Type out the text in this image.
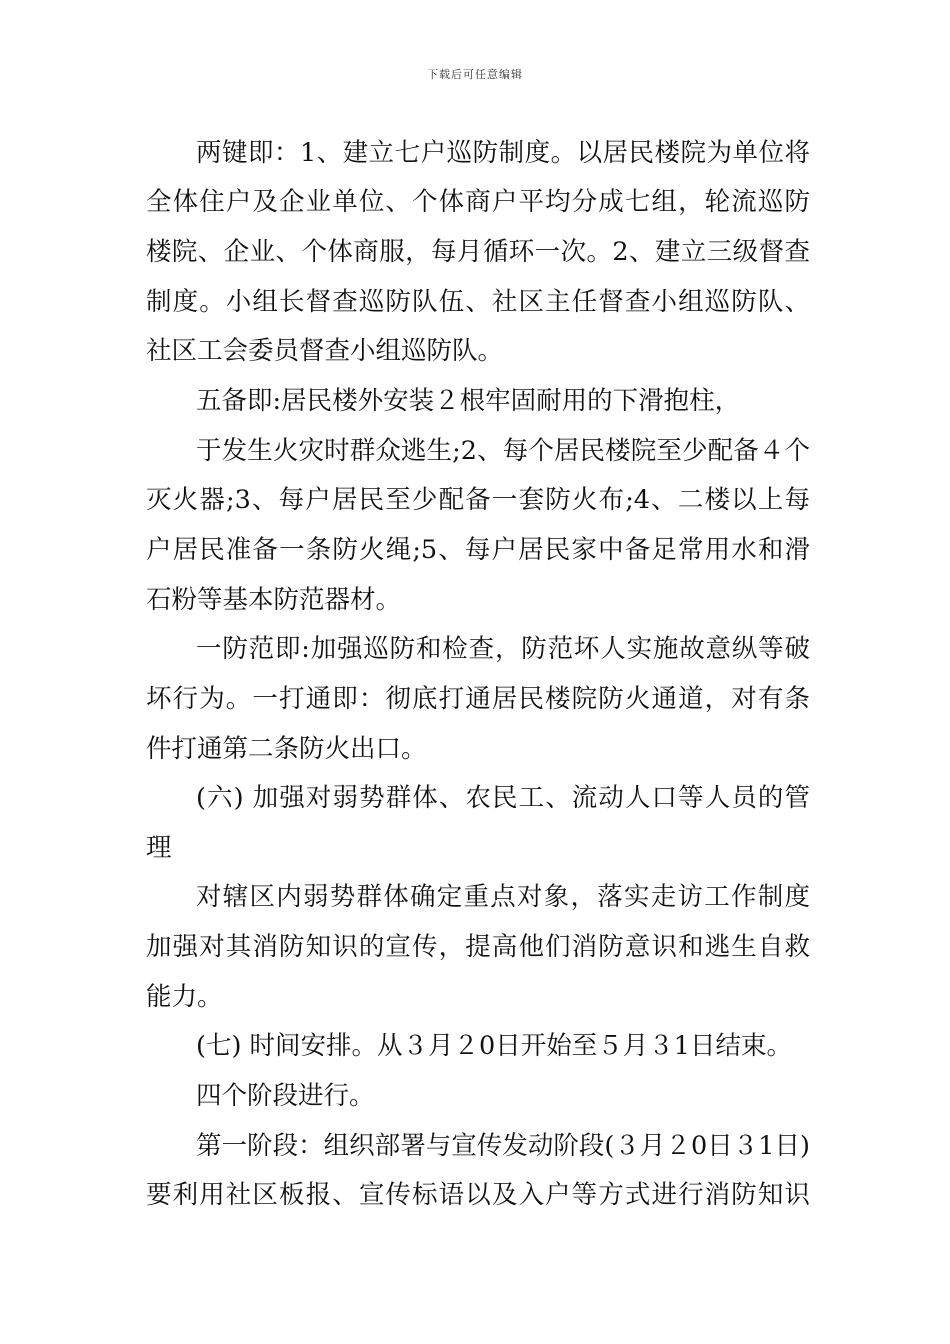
下载后可任意编辑
两键即：1、建立七户巡防制度。以居民楼院为单位将
全体住户及企业单位、个体商户平均分成七组，轮流巡防
楼院、企业、个体商服，每月循环一次。2、建立三级督查
制度。小组长督查巡防队伍、社区主任督查小组巡防队、
社区工会委员督查小组巡防队。
五备即:居民楼外安装２根牢固耐用的下滑抱柱，
于发生火灾时群众逃生;2、每个居民楼院至少配备４个
灭火器;3、每户居民至少配备一套防火布;4、二楼以上每
户居民准备一条防火绳;5、每户居民家中备足常用水和滑
石粉等基本防范器材。
一防范即:加强巡防和检查，防范坏人实施故意纵等破
坏行为。一打通即：彻底打通居民楼院防火通道，对有条
件打通第二条防火出口。
(六) 加强对弱势群体、农民工、流动人口等人员的管
理
对辖区内弱势群体确定重点对象，落实走访工作制度
加强对其消防知识的宣传，提高他们消防意识和逃生自救
能力。
(七) 时间安排。从３月２0日开始至５月３1日结束。
四个阶段进行。
第一阶段：组织部署与宣传发动阶段(３月２0日３1日)
要利用社区板报、宣传标语以及入户等方式进行消防知识
